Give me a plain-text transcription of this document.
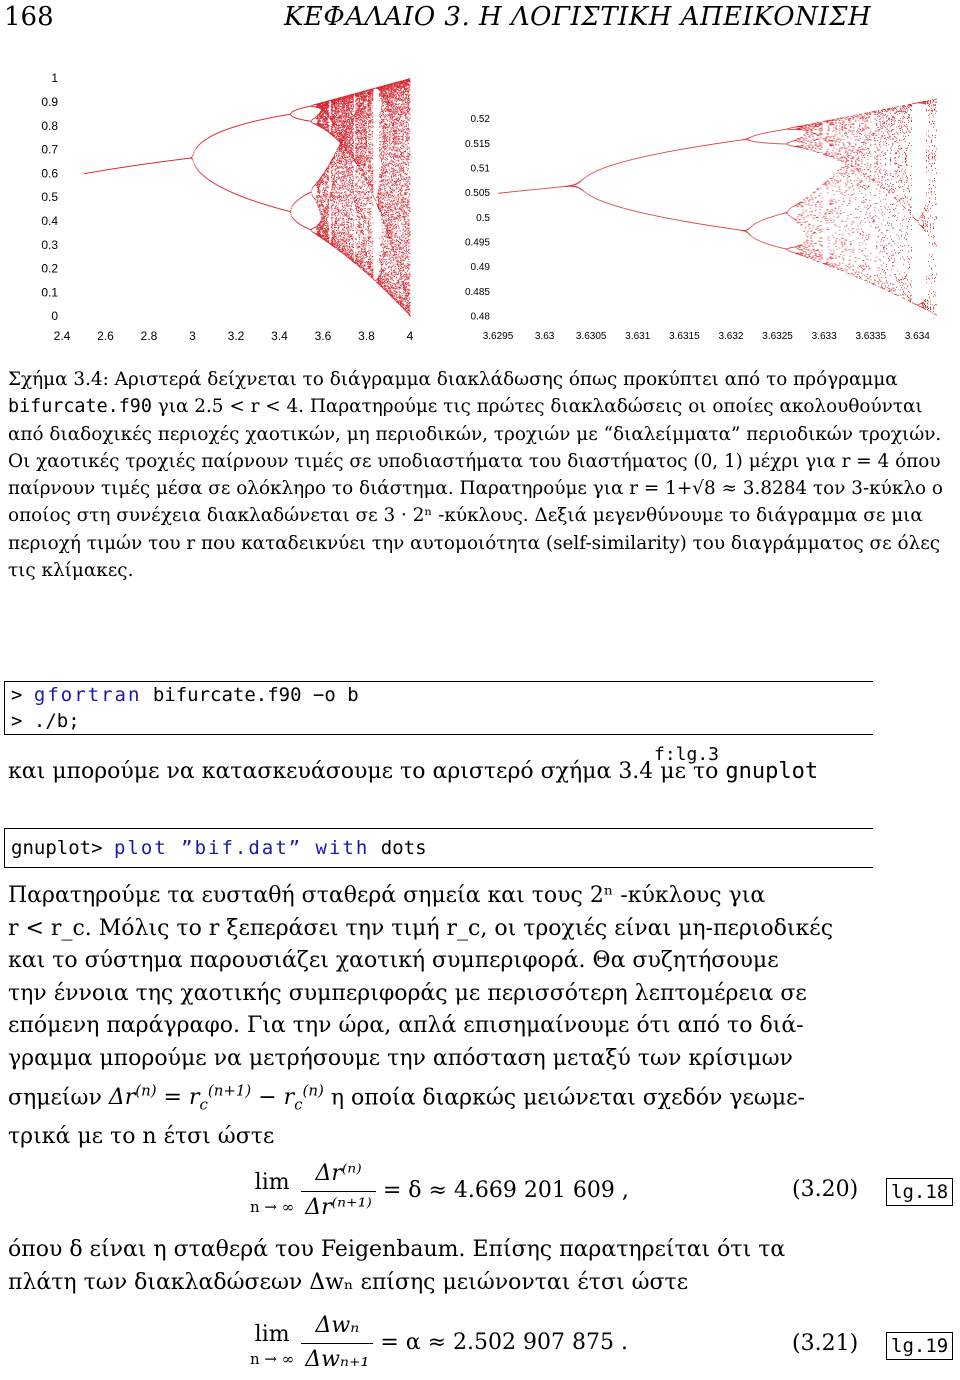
168	ΚΕΦΑΛΑΙΟ 3. Η ΛΟΓΙΣΤΙΚΗ ΑΠΕΙΚΟΝΙΣΗ
2.4 2.6 2.8	3	3.2 3.4 3.6 3.8	4
0
0.1
0.2
0.3
0.4
0.5
0.6
0.7
0.8
0.9
1
3.6295 3.63 3.6305 3.631 3.6315 3.632 3.6325 3.633 3.6335 3.634
0.48
0.485
0.49
0.495
0.5
0.505
0.51
0.515
0.52
Σχήμα 3.4: Αριστερά δείχνεται το διάγραμμα διακλάδωσης όπως προκύπτει από το πρόγραμμα bifurcate.f90 για 2.5 < r < 4. Παρατηρούμε τις πρώτες διακλαδώσεις οι οποίες ακολουθούνται από διαδοχικές περιοχές χαοτικών, μη περιοδικών, τροχιών με “διαλείμματα” περιοδικών τροχιών. Οι χαοτικές τροχιές παίρνουν τιμές σε υποδιαστήματα του διαστήματος (0, 1) μέχρι για r = 4 όπου παίρνουν τιμές μέσα σε ολόκληρο το διάστημα. Παρατηρούμε για r = 1+√8 ≈ 3.8284 τον 3-κύκλο ο οποίος στη συνέχεια διακλαδώνεται σε 3 · 2ⁿ -κύκλους. Δεξιά μεγενθύνουμε το διάγραμμα σε μια περιοχή τιμών του r που καταδεικνύει την αυτομοιότητα (self-similarity) του διαγράμματος σε όλες τις κλίμακες.
> gfortran bifurcate.f90 −o b
> ./b;
f:lg.3
και μπορούμε να κατασκευάσουμε το αριστερό σχήμα 3.4 με το gnuplot
gnuplot> plot ”bif.dat” with dots
Παρατηρούμε τα ευσταθή σταθερά σημεία και τους 2ⁿ -κύκλους για
r < r_c. Μόλις το r ξεπεράσει την τιμή r_c, οι τροχιές είναι μη-περιοδικές
και το σύστημα παρουσιάζει χαοτική συμπεριφορά. Θα συζητήσουμε
την έννοια της χαοτικής συμπεριφοράς με περισσότερη λεπτομέρεια σε
επόμενη παράγραφο. Για την ώρα, απλά επισημαίνουμε ότι από το διά-
γραμμα μπορούμε να μετρήσουμε την απόσταση μεταξύ των κρίσιμων
σημείων $\Delta r^{(n)} = r_c^{(n+1)} - r_c^{(n)}$ η οποία διαρκώς μειώνεται σχεδόν γεωμε-
τρικά με το n έτσι ώστε
lim
n → ∞
$\frac{\text{Δr⁽ⁿ⁾}}{\text{Δr⁽ⁿ⁺¹⁾}} = \delta \approx 4.669$ 201 609 ,	(3.20) lg.18
όπου δ είναι η σταθερά του Feigenbaum. Επίσης παρατηρείται ότι τα
πλάτη των διακλαδώσεων Δwₙ επίσης μειώνονται έτσι ώστε
lim
n → ∞
$\frac{\text{Δwₙ}}{\text{Δwₙ₊₁}} = \alpha \approx 2.502$ 907 875 .	(3.21) lg.19
